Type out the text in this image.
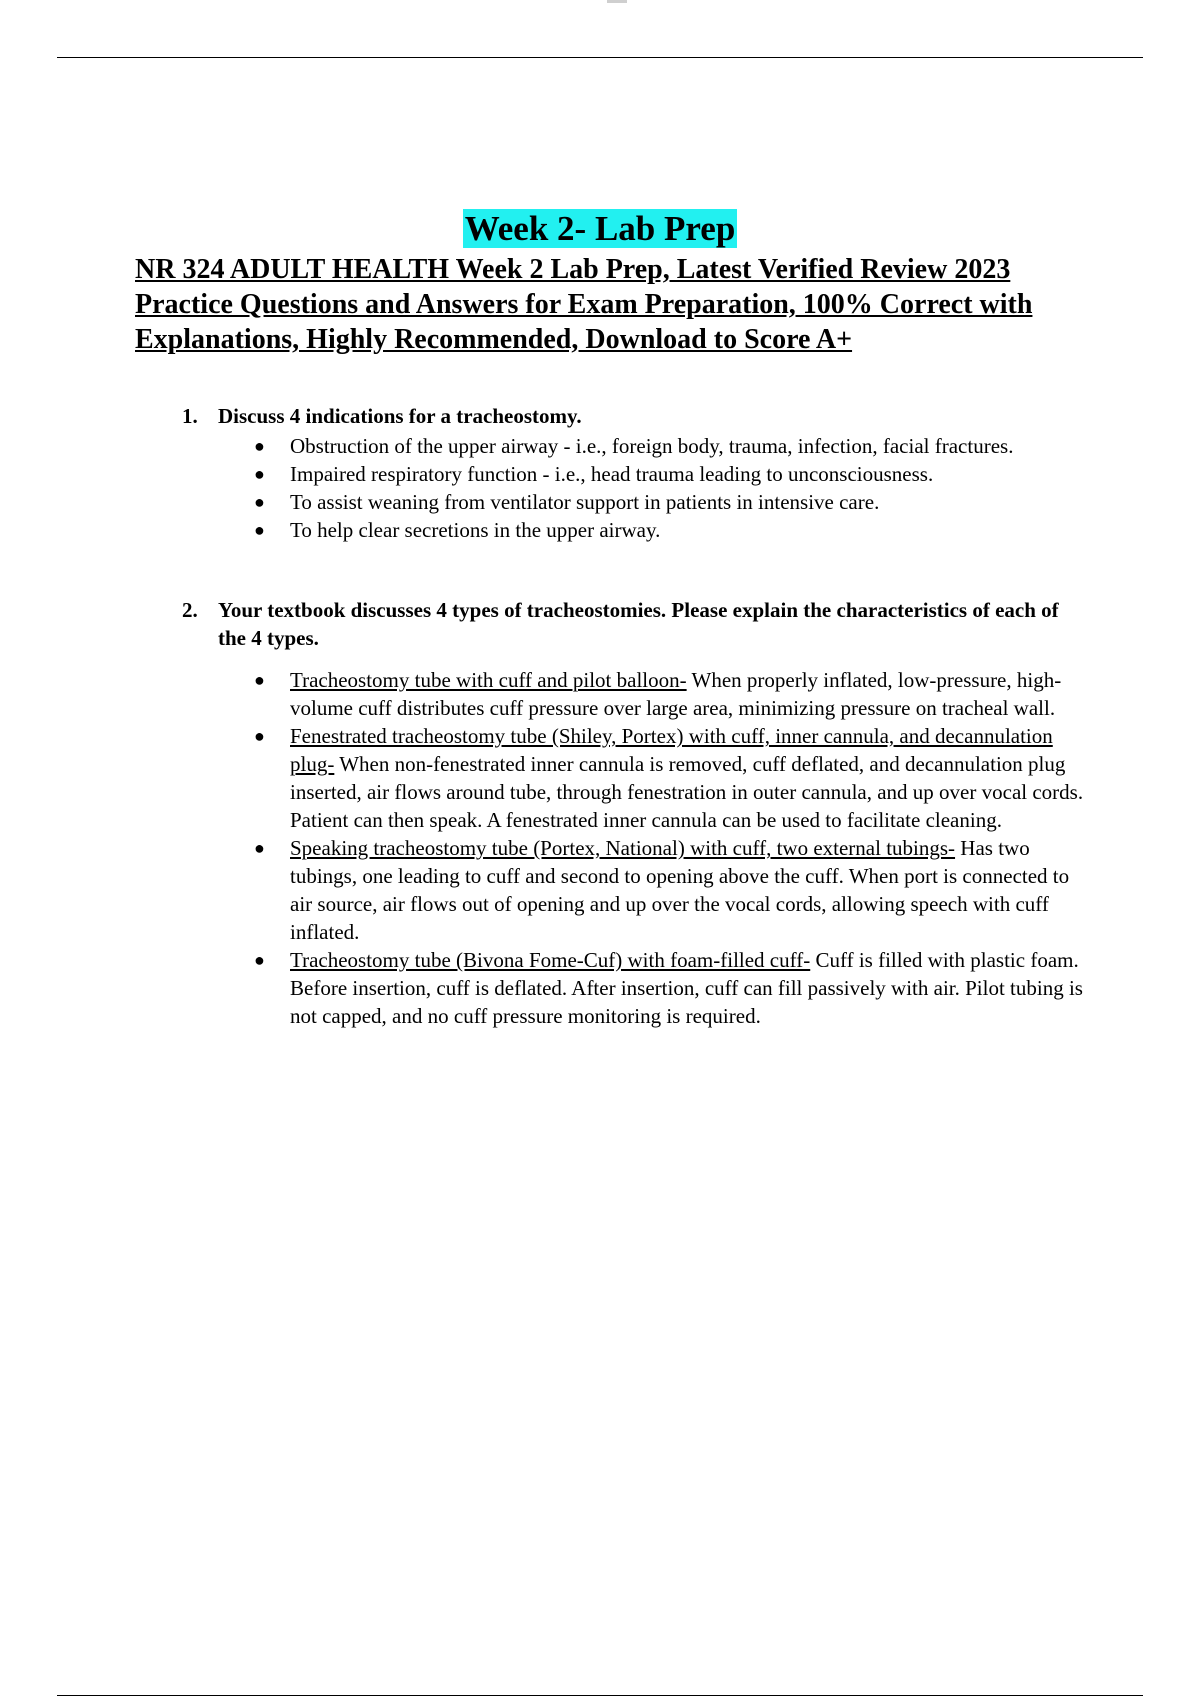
Week 2- Lab Prep
NR 324 ADULT HEALTH Week 2 Lab Prep, Latest Verified Review 2023 Practice Questions and Answers for Exam Preparation, 100% Correct with Explanations, Highly Recommended, Download to Score A+
1. Discuss 4 indications for a tracheostomy.
● Obstruction of the upper airway - i.e., foreign body, trauma, infection, facial fractures.
● Impaired respiratory function - i.e., head trauma leading to unconsciousness.
● To assist weaning from ventilator support in patients in intensive care.
● To help clear secretions in the upper airway.
2. Your textbook discusses 4 types of tracheostomies. Please explain the characteristics of each of the 4 types.
● Tracheostomy tube with cuff and pilot balloon- When properly inflated, low-pressure, high-volume cuff distributes cuff pressure over large area, minimizing pressure on tracheal wall.
● Fenestrated tracheostomy tube (Shiley, Portex) with cuff, inner cannula, and decannulation plug- When non-fenestrated inner cannula is removed, cuff deflated, and decannulation plug inserted, air flows around tube, through fenestration in outer cannula, and up over vocal cords. Patient can then speak. A fenestrated inner cannula can be used to facilitate cleaning.
● Speaking tracheostomy tube (Portex, National) with cuff, two external tubings- Has two tubings, one leading to cuff and second to opening above the cuff. When port is connected to air source, air flows out of opening and up over the vocal cords, allowing speech with cuff inflated.
● Tracheostomy tube (Bivona Fome-Cuf) with foam-filled cuff- Cuff is filled with plastic foam. Before insertion, cuff is deflated. After insertion, cuff can fill passively with air. Pilot tubing is not capped, and no cuff pressure monitoring is required.
